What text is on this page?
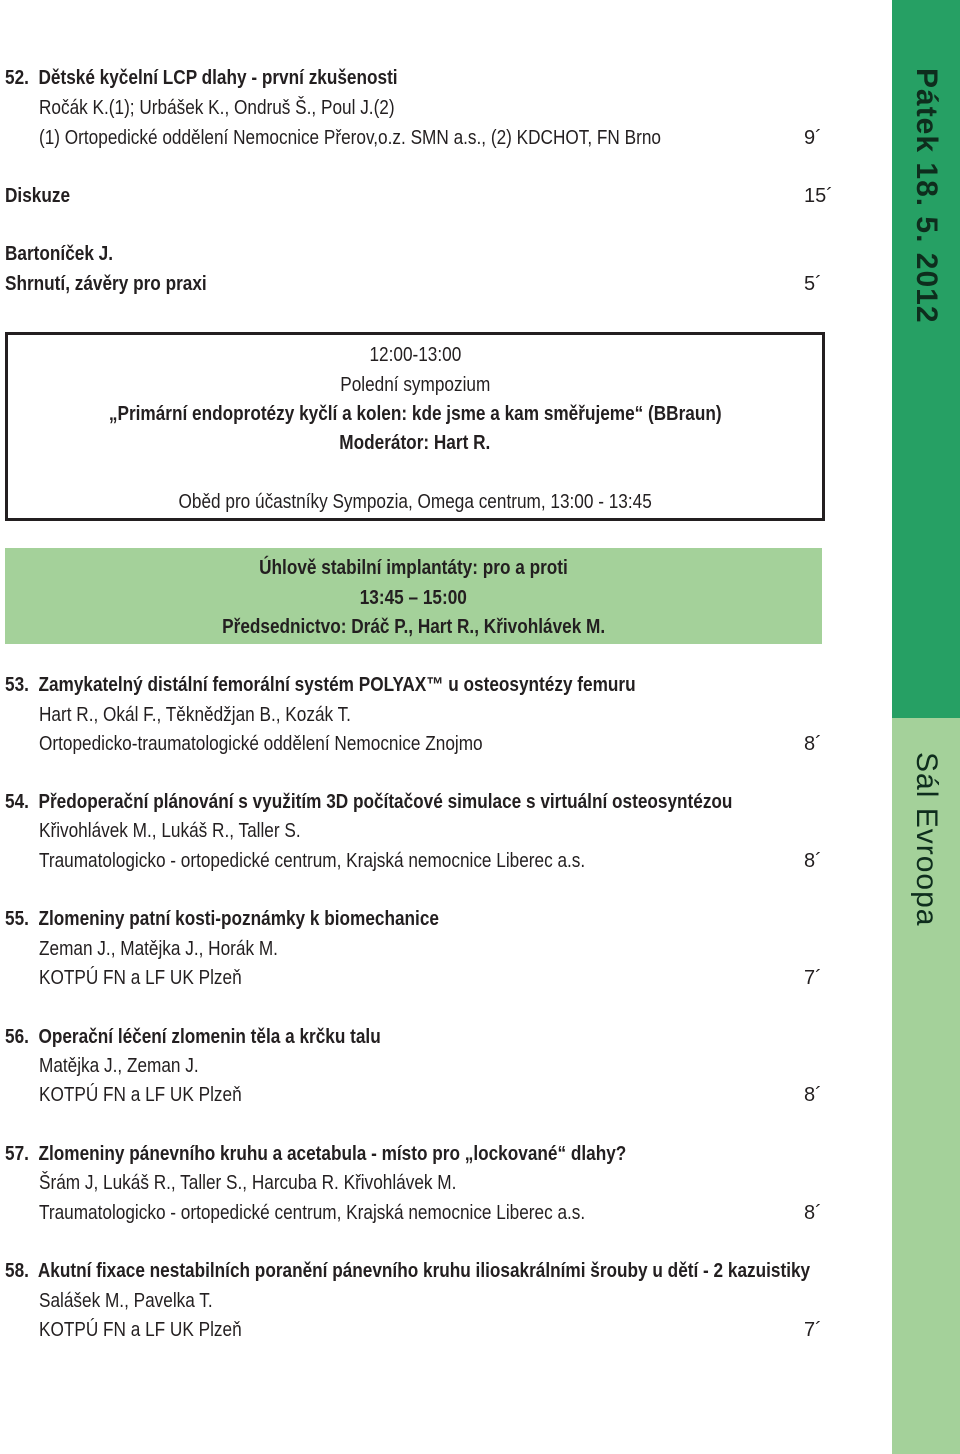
52. Dětské kyčelní LCP dlahy - první zkušenosti
Ročák K.(1); Urbášek K., Ondruš Š., Poul J.(2)
(1) Ortopedické oddělení Nemocnice Přerov,o.z. SMN a.s., (2) KDCHOT, FN Brno	9´
Diskuze	15´
Bartoníček J.
Shrnutí, závěry pro praxi	5´
12:00-13:00
Polední sympozium
„Primární endoprotézy kyčlí a kolen: kde jsme a kam směřujeme“ (BBraun)
Moderátor: Hart R.
Oběd pro účastníky Sympozia, Omega centrum, 13:00 - 13:45
Úhlově stabilní implantáty: pro a proti
13:45 – 15:00
Předsednictvo: Dráč P., Hart R., Křivohlávek M.
53. Zamykatelný distální femorální systém POLYAX™ u osteosyntézy femuru
Hart R., Okál F., Těknědžjan B., Kozák T.
Ortopedicko-traumatologické oddělení Nemocnice Znojmo	8´
54. Předoperační plánování s využitím 3D počítačové simulace s virtuální osteosyntézou
Křivohlávek M., Lukáš R., Taller S.
Traumatologicko - ortopedické centrum, Krajská nemocnice Liberec a.s.	8´
55. Zlomeniny patní kosti-poznámky k biomechanice
Zeman J., Matějka J., Horák M.
KOTPÚ FN a LF UK Plzeň	7´
56. Operační léčení zlomenin těla a krčku talu
Matějka J., Zeman J.
KOTPÚ FN a LF UK Plzeň	8´
57. Zlomeniny pánevního kruhu a acetabula - místo pro „lockované“ dlahy?
Šrám J, Lukáš R., Taller S., Harcuba R. Křivohlávek M.
Traumatologicko - ortopedické centrum, Krajská nemocnice Liberec a.s.	8´
58. Akutní fixace nestabilních poranění pánevního kruhu iliosakrálními šrouby u dětí - 2 kazuistiky
Salášek M., Pavelka T.
KOTPÚ FN a LF UK Plzeň	7´
Pátek 18. 5. 2012
Sál Evroopa
